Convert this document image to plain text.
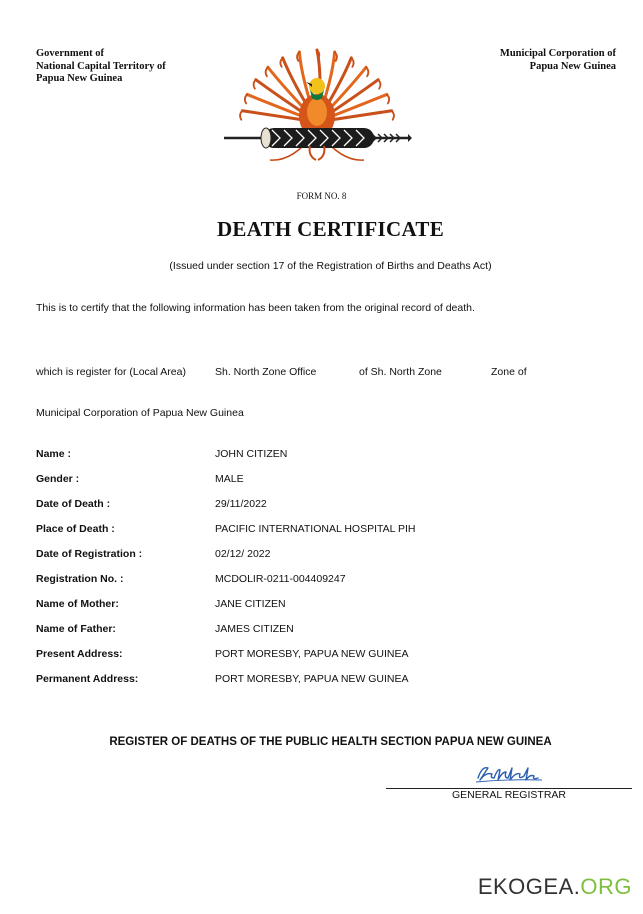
Government of
National Capital Territory of
Papua New Guinea
Municipal Corporation of
Papua New Guinea
FORM NO. 8
DEATH CERTIFICATE
(Issued under section 17 of the Registration of Births and Deaths Act)
This is to certify that the following information has been taken from the original record of death.
which is register for (Local Area)	Sh. North Zone Office	of Sh. North Zone	Zone of
Municipal Corporation of Papua New Guinea
Name :	JOHN CITIZEN
Gender :	MALE
Date of Death :	29/11/2022
Place of Death :	PACIFIC INTERNATIONAL HOSPITAL PIH
Date of Registration :	02/12/ 2022
Registration No. :	MCDOLIR-0211-004409247
Name of Mother:	JANE CITIZEN
Name of Father:	JAMES CITIZEN
Present Address:	PORT MORESBY, PAPUA NEW GUINEA
Permanent Address:	PORT MORESBY, PAPUA NEW GUINEA
REGISTER OF DEATHS OF THE PUBLIC HEALTH SECTION PAPUA NEW GUINEA
GENERAL REGISTRAR
EKOGEA.ORG
